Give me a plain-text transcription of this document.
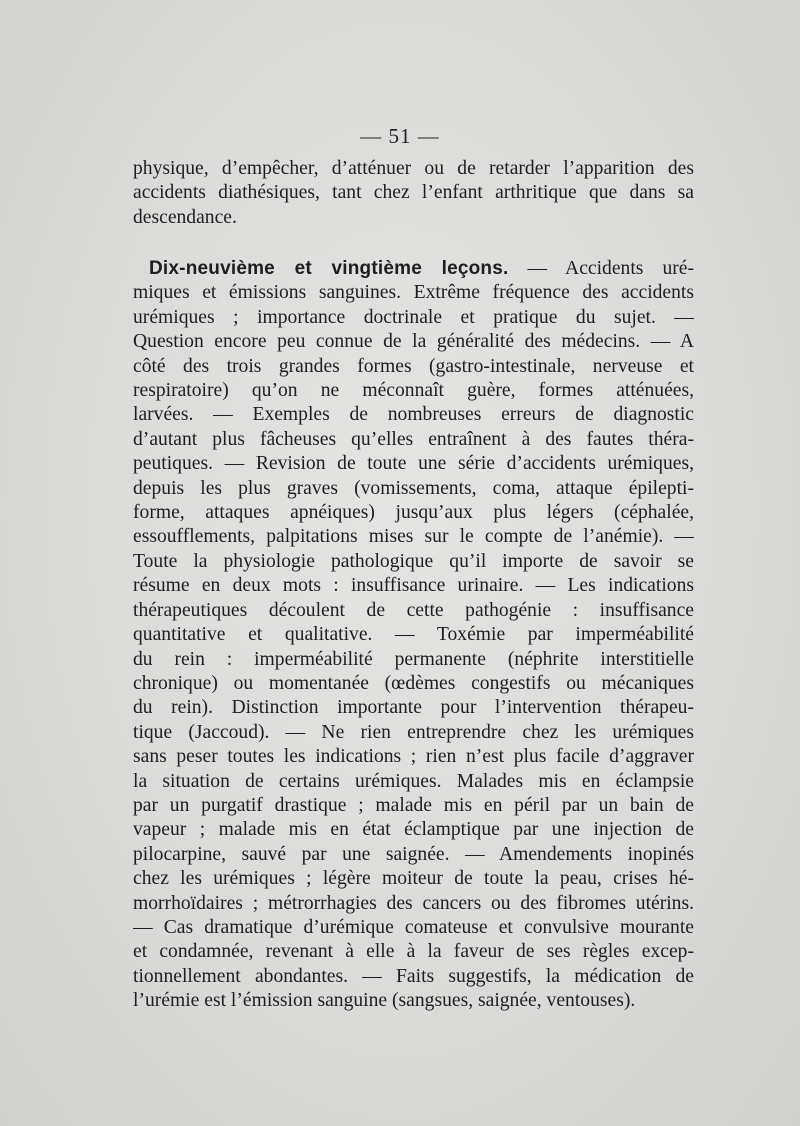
— 51 —
physique, d’empêcher, d’atténuer ou de retarder l’apparition des
accidents diathésiques, tant chez l’enfant arthritique que dans sa
descendance.
Dix-neuvième et vingtième leçons. — Accidents uré-
miques et émissions sanguines. Extrême fréquence des accidents
urémiques ; importance doctrinale et pratique du sujet. —
Question encore peu connue de la généralité des médecins. — A
côté des trois grandes formes (gastro-intestinale, nerveuse et
respiratoire) qu’on ne méconnaît guère, formes atténuées,
larvées. — Exemples de nombreuses erreurs de diagnostic
d’autant plus fâcheuses qu’elles entraînent à des fautes théra-
peutiques. — Revision de toute une série d’accidents urémiques,
depuis les plus graves (vomissements, coma, attaque épilepti-
forme, attaques apnéiques) jusqu’aux plus légers (céphalée,
essoufflements, palpitations mises sur le compte de l’anémie). —
Toute la physiologie pathologique qu’il importe de savoir se
résume en deux mots : insuffisance urinaire. — Les indications
thérapeutiques découlent de cette pathogénie : insuffisance
quantitative et qualitative. — Toxémie par imperméabilité
du rein : imperméabilité permanente (néphrite interstitielle
chronique) ou momentanée (œdèmes congestifs ou mécaniques
du rein). Distinction importante pour l’intervention thérapeu-
tique (Jaccoud). — Ne rien entreprendre chez les urémiques
sans peser toutes les indications ; rien n’est plus facile d’aggraver
la situation de certains urémiques. Malades mis en éclampsie
par un purgatif drastique ; malade mis en péril par un bain de
vapeur ; malade mis en état éclamptique par une injection de
pilocarpine, sauvé par une saignée. — Amendements inopinés
chez les urémiques ; légère moiteur de toute la peau, crises hé-
morrhoïdaires ; métrorrhagies des cancers ou des fibromes utérins.
— Cas dramatique d’urémique comateuse et convulsive mourante
et condamnée, revenant à elle à la faveur de ses règles excep-
tionnellement abondantes. — Faits suggestifs, la médication de
l’urémie est l’émission sanguine (sangsues, saignée, ventouses).
